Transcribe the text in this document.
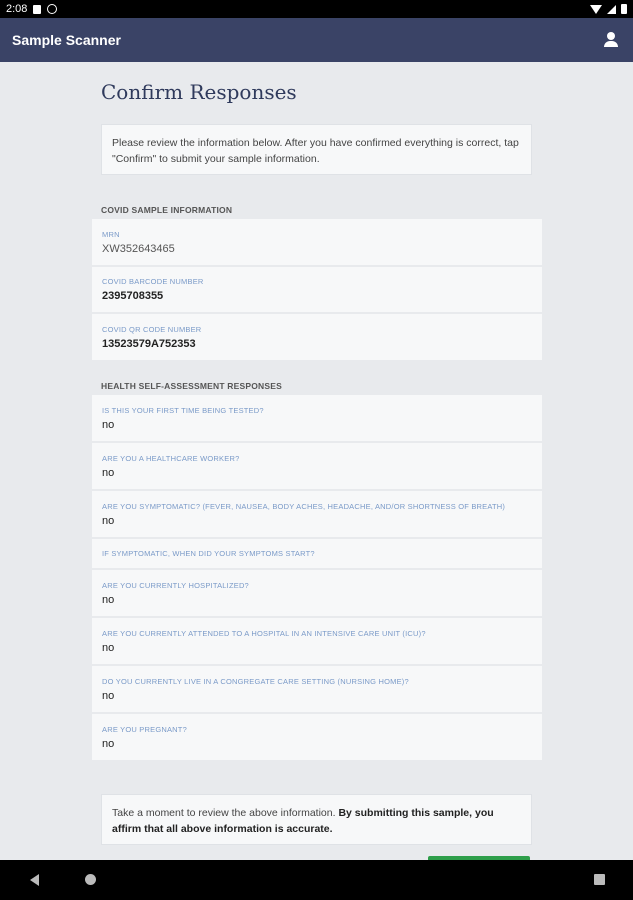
2:08
Sample Scanner
Confirm Responses
Please review the information below. After you have confirmed everything is correct, tap "Confirm" to submit your sample information.
COVID SAMPLE INFORMATION
MRN
XW352643465
COVID BARCODE NUMBER
2395708355
COVID QR CODE NUMBER
13523579A752353
HEALTH SELF-ASSESSMENT RESPONSES
IS THIS YOUR FIRST TIME BEING TESTED?
no
ARE YOU A HEALTHCARE WORKER?
no
ARE YOU SYMPTOMATIC? (FEVER, NAUSEA, BODY ACHES, HEADACHE, AND/OR SHORTNESS OF BREATH)
no
IF SYMPTOMATIC, WHEN DID YOUR SYMPTOMS START?
ARE YOU CURRENTLY HOSPITALIZED?
no
ARE YOU CURRENTLY ATTENDED TO A HOSPITAL IN AN INTENSIVE CARE UNIT (ICU)?
no
DO YOU CURRENTLY LIVE IN A CONGREGATE CARE SETTING (NURSING HOME)?
no
ARE YOU PREGNANT?
no
Take a moment to review the above information. By submitting this sample, you affirm that all above information is accurate.
